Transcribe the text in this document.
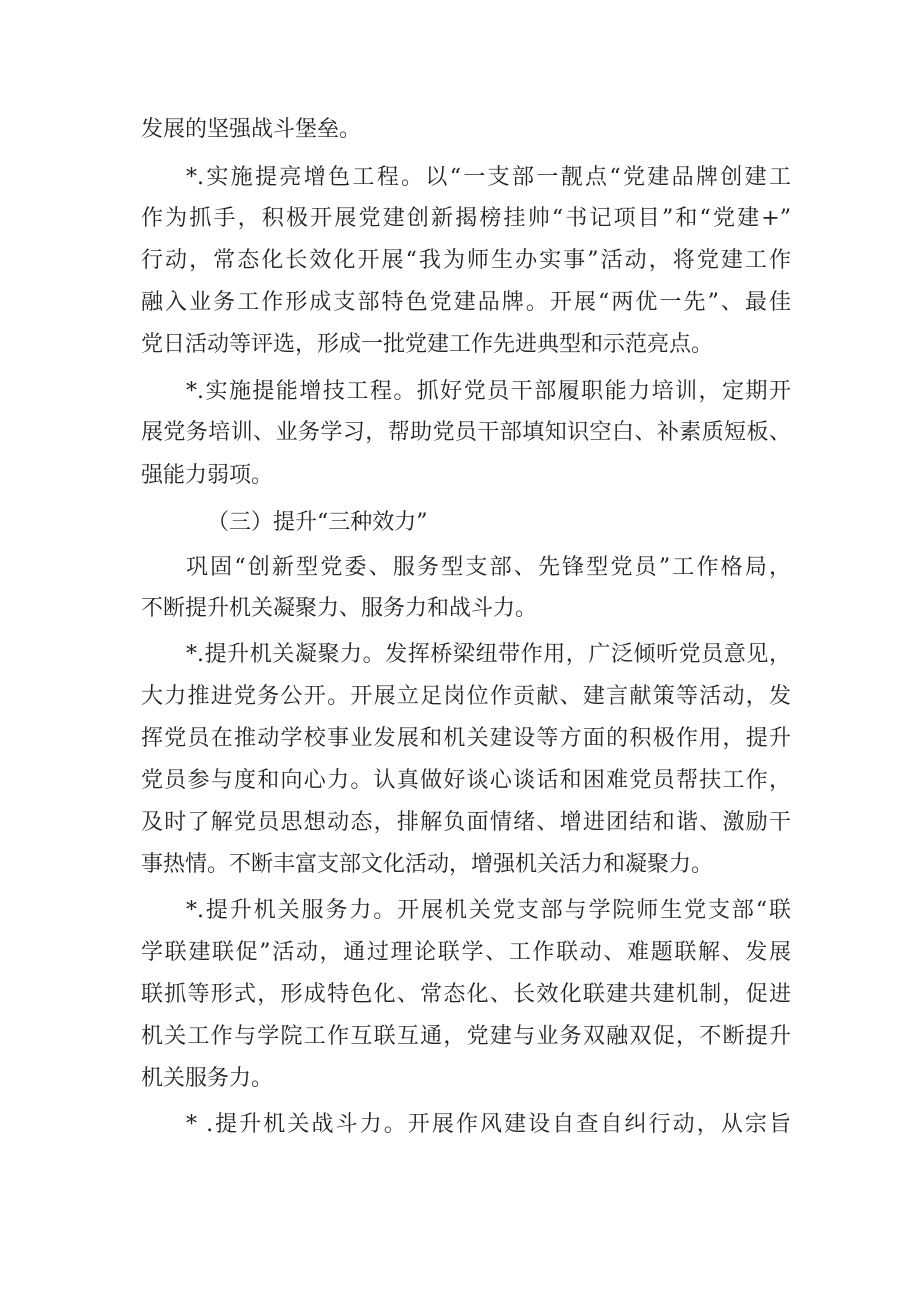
发展的坚强战斗堡垒。
*.实施提亮增色工程。以“一支部一靓点“党建品牌创建工
作为抓手，积极开展党建创新揭榜挂帅“书记项目”和“党建+”
行动，常态化长效化开展“我为师生办实事”活动，将党建工作
融入业务工作形成支部特色党建品牌。开展“两优一先”、最佳
党日活动等评选，形成一批党建工作先进典型和示范亮点。
*.实施提能增技工程。抓好党员干部履职能力培训，定期开
展党务培训、业务学习，帮助党员干部填知识空白、补素质短板、
强能力弱项。
（三）提升“三种效力”
巩固“创新型党委、服务型支部、先锋型党员”工作格局，
不断提升机关凝聚力、服务力和战斗力。
*.提升机关凝聚力。发挥桥梁纽带作用，广泛倾听党员意见，
大力推进党务公开。开展立足岗位作贡献、建言献策等活动，发
挥党员在推动学校事业发展和机关建设等方面的积极作用，提升
党员参与度和向心力。认真做好谈心谈话和困难党员帮扶工作，
及时了解党员思想动态，排解负面情绪、增进团结和谐、激励干
事热情。不断丰富支部文化活动，增强机关活力和凝聚力。
*.提升机关服务力。开展机关党支部与学院师生党支部“联
学联建联促”活动，通过理论联学、工作联动、难题联解、发展
联抓等形式，形成特色化、常态化、长效化联建共建机制，促进
机关工作与学院工作互联互通，党建与业务双融双促，不断提升
机关服务力。
* .提升机关战斗力。开展作风建设自查自纠行动，从宗旨
